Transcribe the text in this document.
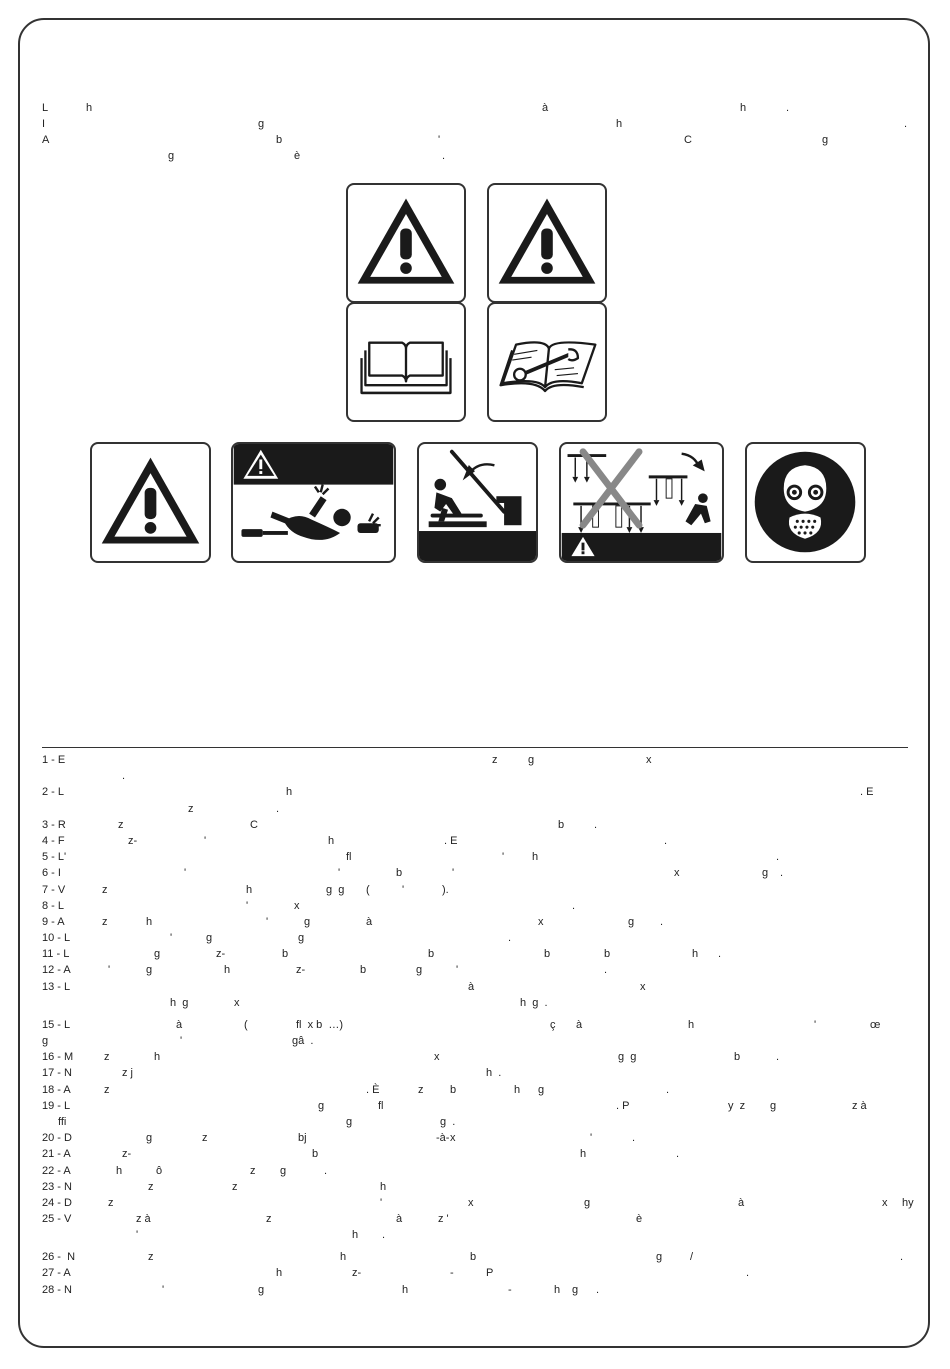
L	h	à	h	.
I	g	h	.
A	b	'	C	g
g	è	.
1 - E	z	g	x
.
2 - L	h	. E
z	.
3 - R	z	C	b	.
4 - F	z-	'	h	. E	.
5 - L'	fl	'	h	.
6 - I	'	'	b	'	x	g .
7 - V	z	h	g  g (	'	).
8 - L	'	x	.
9 - A	z	h	'	g	à	x	g .
10 - L	'	g	g	.
11 - L	g	z-	b	b	b	b	h .
12 - A	'	g	h	z-	b	g	'	.
13 - L	à	x
h  g	x	h  g  .
15 - L	à	(	fl  x b  …)	ç à	h	'	œ
g	'	gâ  .
16 - M	z	h	x	g  g	b	.
17 - N	z j	h  .
18 - A	z	. È	z b	h g	.
19 - L	g	fl	. P	y  z g	z à
ffi	g	g  .
20 - D	g	z	bj	-à- x	'	.
21 - A	z-	b	h	.
22 - A	h	ô	z g	.
23 - N	z	z	h
24 - D	z	'	x	g	à	x hy
25 - V	z à	z	à	z '	è
'	h .
26 -  N	z	h	b	g	/	.
27 - A	h	z-	-	P	.
28 - N	'	g	h	-	h g .
